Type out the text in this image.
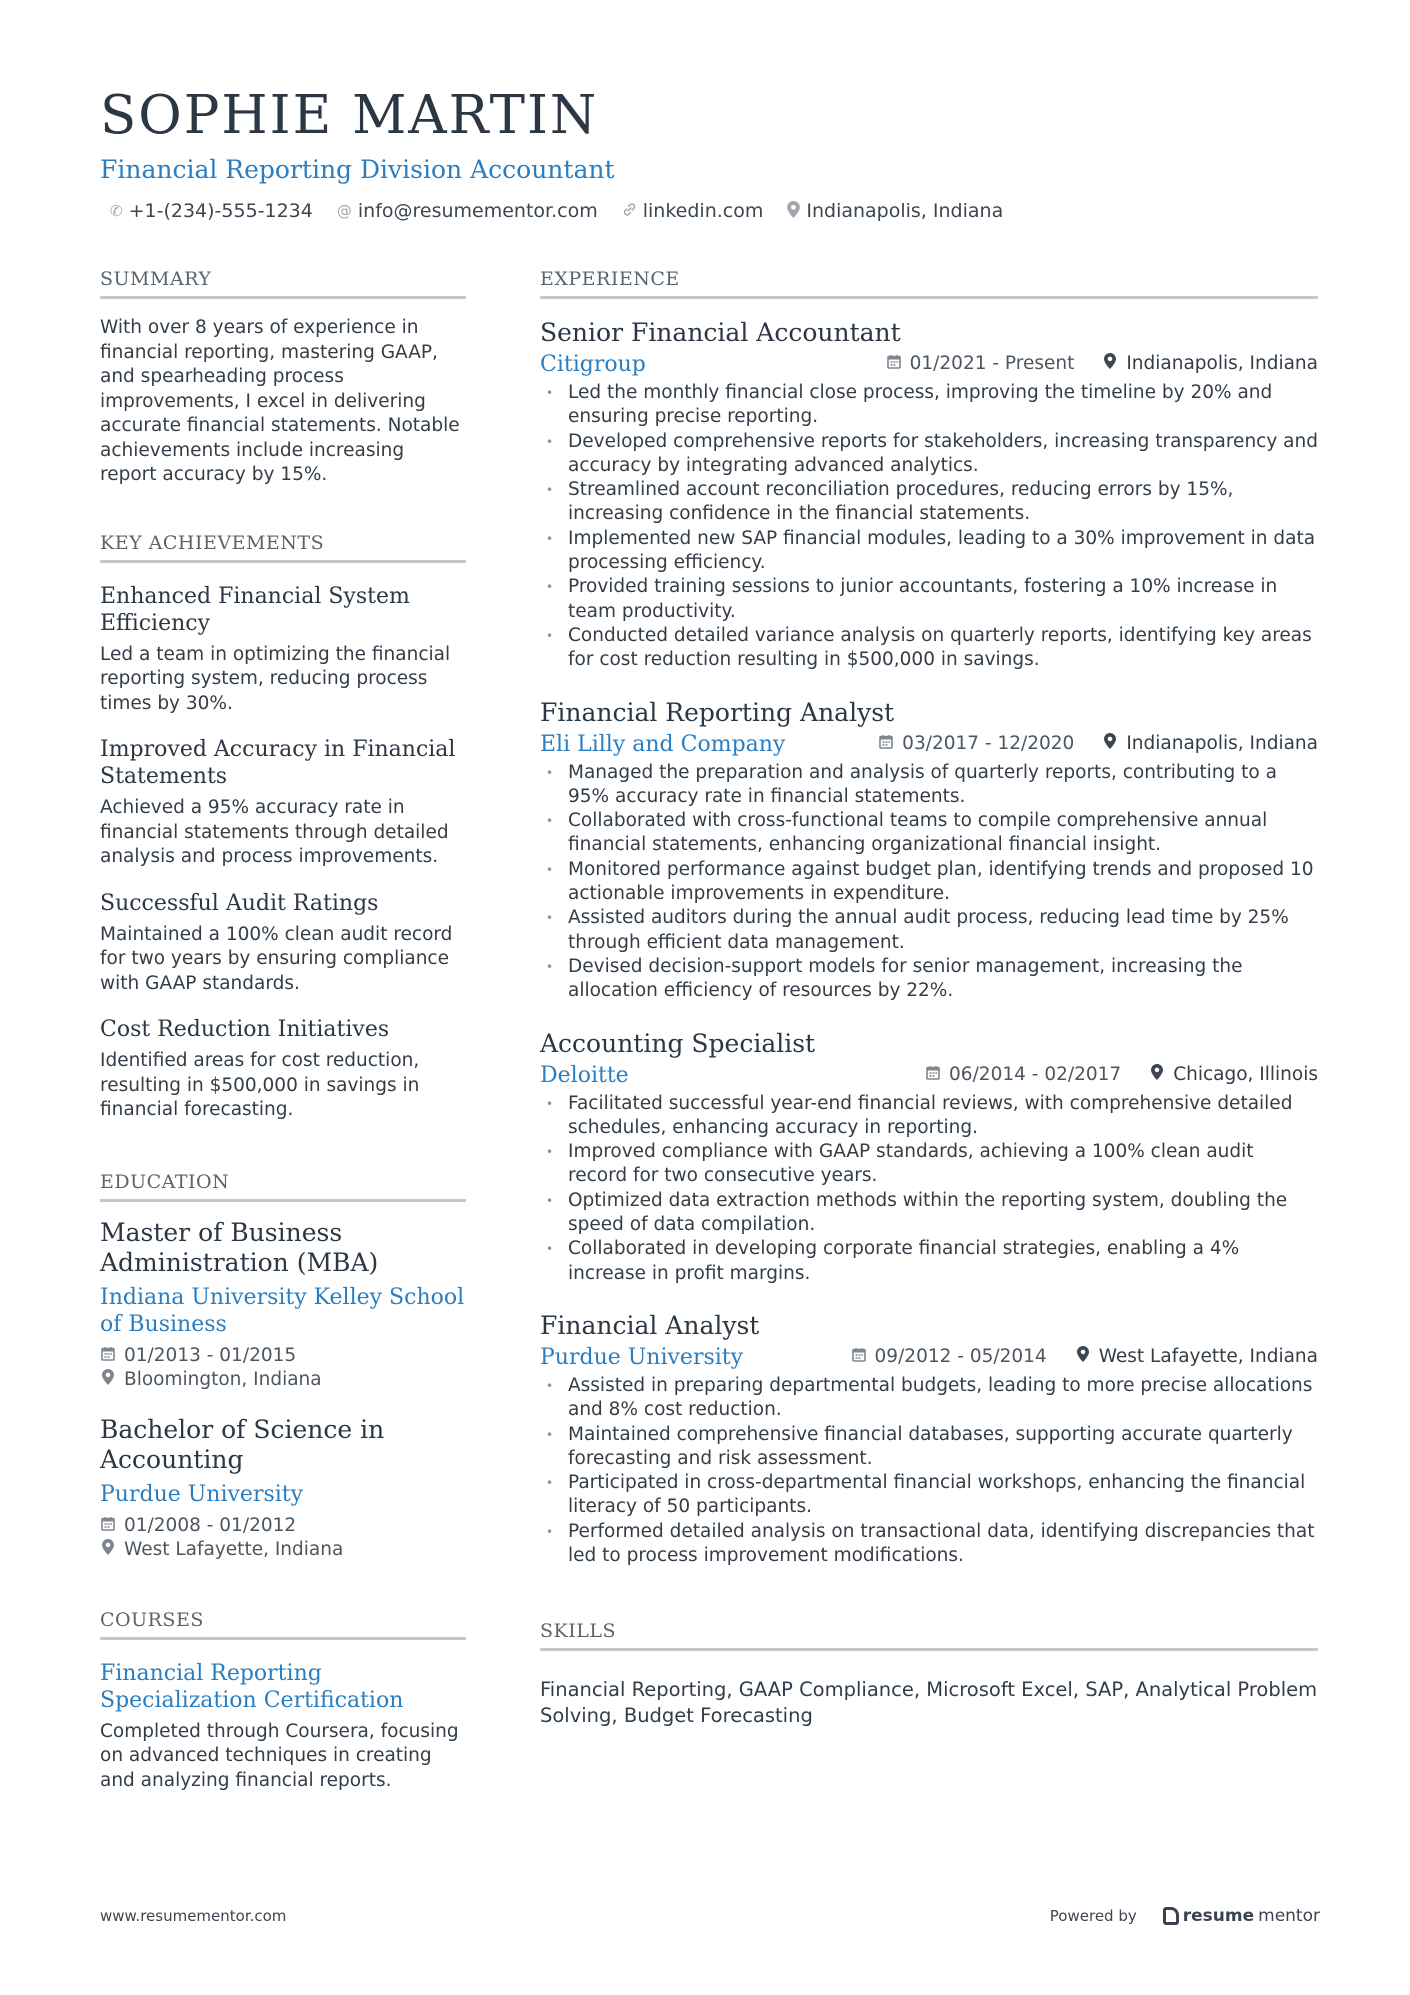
SOPHIE MARTIN
Financial Reporting Division Accountant
✆ +1-(234)-555-1234 @ info@resumementor.com linkedin.com Indianapolis, Indiana
SUMMARY
With over 8 years of experience in financial reporting, mastering GAAP, and spearheading process improvements, I excel in delivering accurate financial statements. Notable achievements include increasing report accuracy by 15%.
KEY ACHIEVEMENTS
Enhanced Financial System Efficiency
Led a team in optimizing the financial reporting system, reducing process times by 30%.
Improved Accuracy in Financial Statements
Achieved a 95% accuracy rate in financial statements through detailed analysis and process improvements.
Successful Audit Ratings
Maintained a 100% clean audit record for two years by ensuring compliance with GAAP standards.
Cost Reduction Initiatives
Identified areas for cost reduction, resulting in $500,000 in savings in financial forecasting.
EDUCATION
Master of Business Administration (MBA)
Indiana University Kelley School of Business
01/2013 - 01/2015
Bloomington, Indiana
Bachelor of Science in Accounting
Purdue University
01/2008 - 01/2012
West Lafayette, Indiana
COURSES
Financial Reporting Specialization Certification
Completed through Coursera, focusing on advanced techniques in creating and analyzing financial reports.
EXPERIENCE
Senior Financial Accountant
Citigroup	01/2021 - Present	Indianapolis, Indiana
• Led the monthly financial close process, improving the timeline by 20% and ensuring precise reporting.
• Developed comprehensive reports for stakeholders, increasing transparency and accuracy by integrating advanced analytics.
• Streamlined account reconciliation procedures, reducing errors by 15%, increasing confidence in the financial statements.
• Implemented new SAP financial modules, leading to a 30% improvement in data processing efficiency.
• Provided training sessions to junior accountants, fostering a 10% increase in team productivity.
• Conducted detailed variance analysis on quarterly reports, identifying key areas for cost reduction resulting in $500,000 in savings.
Financial Reporting Analyst
Eli Lilly and Company	03/2017 - 12/2020	Indianapolis, Indiana
• Managed the preparation and analysis of quarterly reports, contributing to a 95% accuracy rate in financial statements.
• Collaborated with cross-functional teams to compile comprehensive annual financial statements, enhancing organizational financial insight.
• Monitored performance against budget plan, identifying trends and proposed 10 actionable improvements in expenditure.
• Assisted auditors during the annual audit process, reducing lead time by 25% through efficient data management.
• Devised decision-support models for senior management, increasing the allocation efficiency of resources by 22%.
Accounting Specialist
Deloitte	06/2014 - 02/2017	Chicago, Illinois
• Facilitated successful year-end financial reviews, with comprehensive detailed schedules, enhancing accuracy in reporting.
• Improved compliance with GAAP standards, achieving a 100% clean audit record for two consecutive years.
• Optimized data extraction methods within the reporting system, doubling the speed of data compilation.
• Collaborated in developing corporate financial strategies, enabling a 4% increase in profit margins.
Financial Analyst
Purdue University	09/2012 - 05/2014	West Lafayette, Indiana
• Assisted in preparing departmental budgets, leading to more precise allocations and 8% cost reduction.
• Maintained comprehensive financial databases, supporting accurate quarterly forecasting and risk assessment.
• Participated in cross-departmental financial workshops, enhancing the financial literacy of 50 participants.
• Performed detailed analysis on transactional data, identifying discrepancies that led to process improvement modifications.
SKILLS
Financial Reporting, GAAP Compliance, Microsoft Excel, SAP, Analytical Problem Solving, Budget Forecasting
www.resumementor.com	Powered by	resume mentor
